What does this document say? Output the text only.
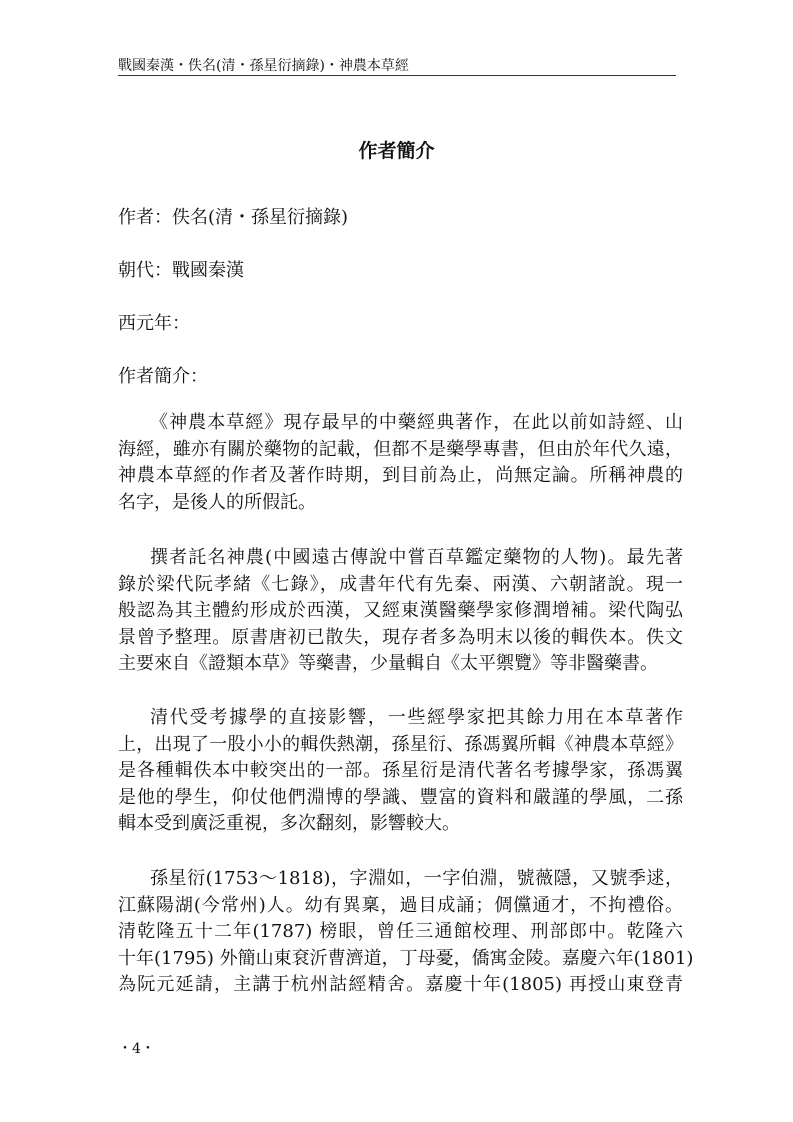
戰國秦漢・佚名(清・孫星衍摘錄)・神農本草經
作者簡介
作者：佚名(清・孫星衍摘錄)
朝代：戰國秦漢
西元年：
作者簡介：
《神農本草經》現存最早的中藥經典著作，在此以前如詩經、山
海經，雖亦有關於藥物的記載，但都不是藥學專書，但由於年代久遠，
神農本草經的作者及著作時期，到目前為止，尚無定論。所稱神農的
名字，是後人的所假託。
撰者託名神農(中國遠古傳說中嘗百草鑑定藥物的人物)。最先著
錄於梁代阮孝緒《七錄》，成書年代有先秦、兩漢、六朝諸說。現一
般認為其主體約形成於西漢，又經東漢醫藥學家修潤增補。梁代陶弘
景曾予整理。原書唐初已散失，現存者多為明末以後的輯佚本。佚文
主要來自《證類本草》等藥書，少量輯自《太平禦覽》等非醫藥書。
清代受考據學的直接影響，一些經學家把其餘力用在本草著作
上，出現了一股小小的輯佚熱潮，孫星衍、孫馮翼所輯《神農本草經》
是各種輯佚本中較突出的一部。孫星衍是清代著名考據學家，孫馮翼
是他的學生，仰仗他們淵博的學識、豐富的資料和嚴謹的學風，二孫
輯本受到廣泛重視，多次翻刻，影響較大。
孫星衍(1753～1818)，字淵如，一字伯淵，號薇隱，又號季逑，
江蘇陽湖(今常州)人。幼有異稟，過目成誦；倜儻通才，不拘禮俗。
清乾隆五十二年(1787) 榜眼，曾任三通館校理、刑部郎中。乾隆六
十年(1795) 外簡山東袞沂曹濟道，丁母憂，僑寓金陵。嘉慶六年(1801)
為阮元延請，主講于杭州詁經精舍。嘉慶十年(1805) 再授山東登青
・4・
